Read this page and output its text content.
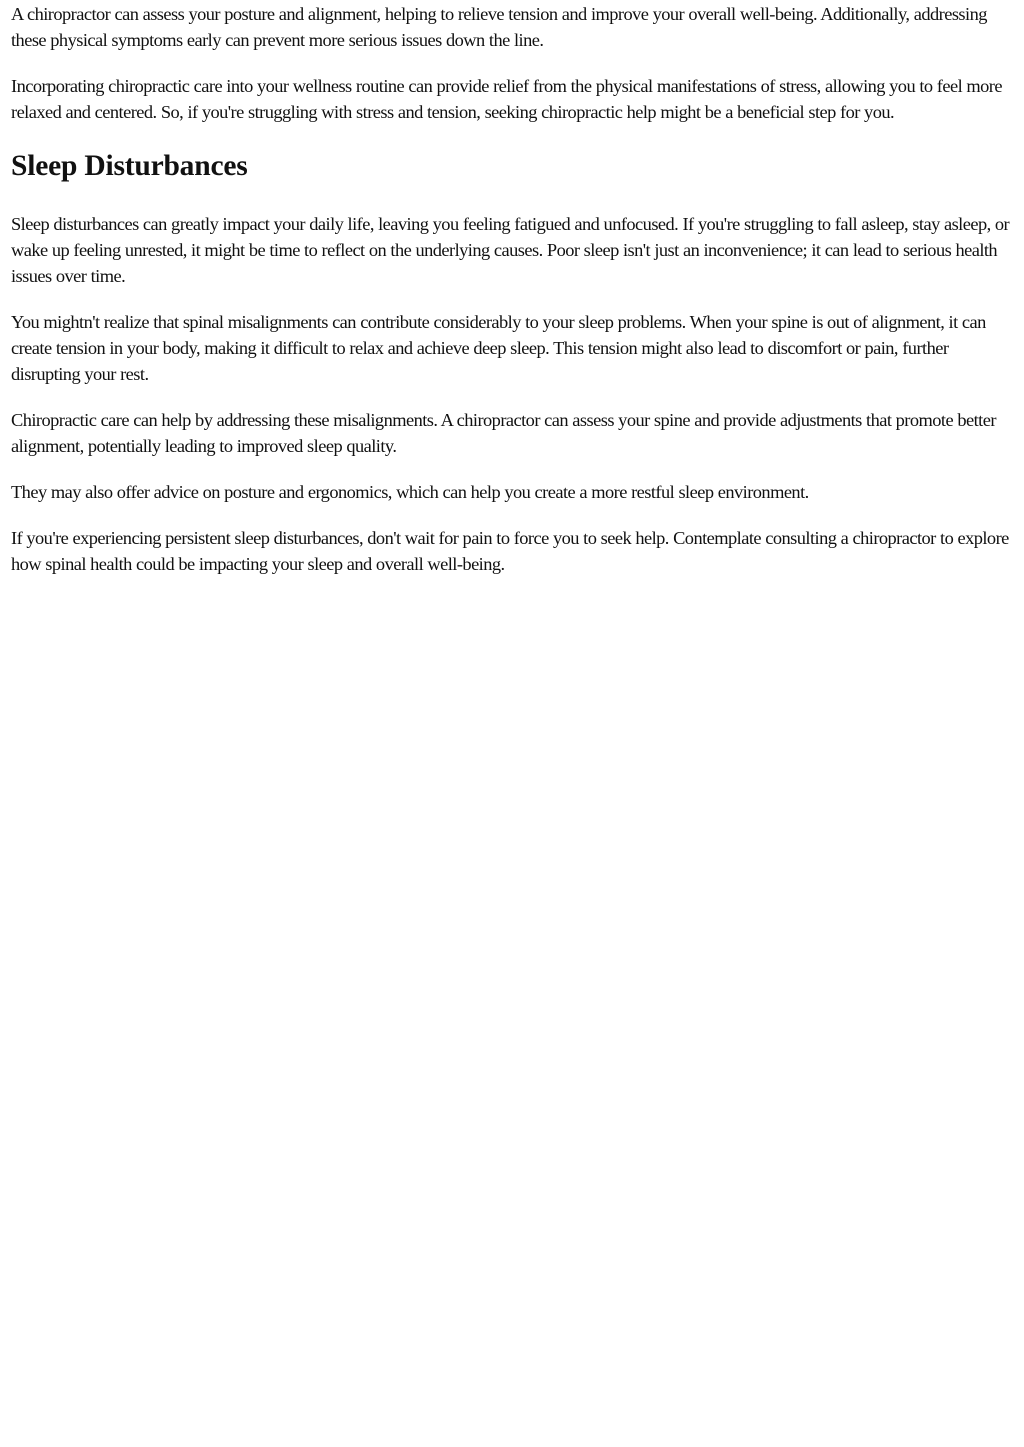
A chiropractor can assess your posture and alignment, helping to relieve tension and improve your overall well-being. Additionally, addressing these physical symptoms early can prevent more serious issues down the line.

Incorporating chiropractic care into your wellness routine can provide relief from the physical manifestations of stress, allowing you to feel more relaxed and centered. So, if you're struggling with stress and tension, seeking chiropractic help might be a beneficial step for you.

Sleep Disturbances

Sleep disturbances can greatly impact your daily life, leaving you feeling fatigued and unfocused. If you're struggling to fall asleep, stay asleep, or wake up feeling unrested, it might be time to reflect on the underlying causes. Poor sleep isn't just an inconvenience; it can lead to serious health issues over time.

You mightn't realize that spinal misalignments can contribute considerably to your sleep problems. When your spine is out of alignment, it can create tension in your body, making it difficult to relax and achieve deep sleep. This tension might also lead to discomfort or pain, further disrupting your rest.

Chiropractic care can help by addressing these misalignments. A chiropractor can assess your spine and provide adjustments that promote better alignment, potentially leading to improved sleep quality.

They may also offer advice on posture and ergonomics, which can help you create a more restful sleep environment.

If you're experiencing persistent sleep disturbances, don't wait for pain to force you to seek help. Contemplate consulting a chiropractor to explore how spinal health could be impacting your sleep and overall well-being.
